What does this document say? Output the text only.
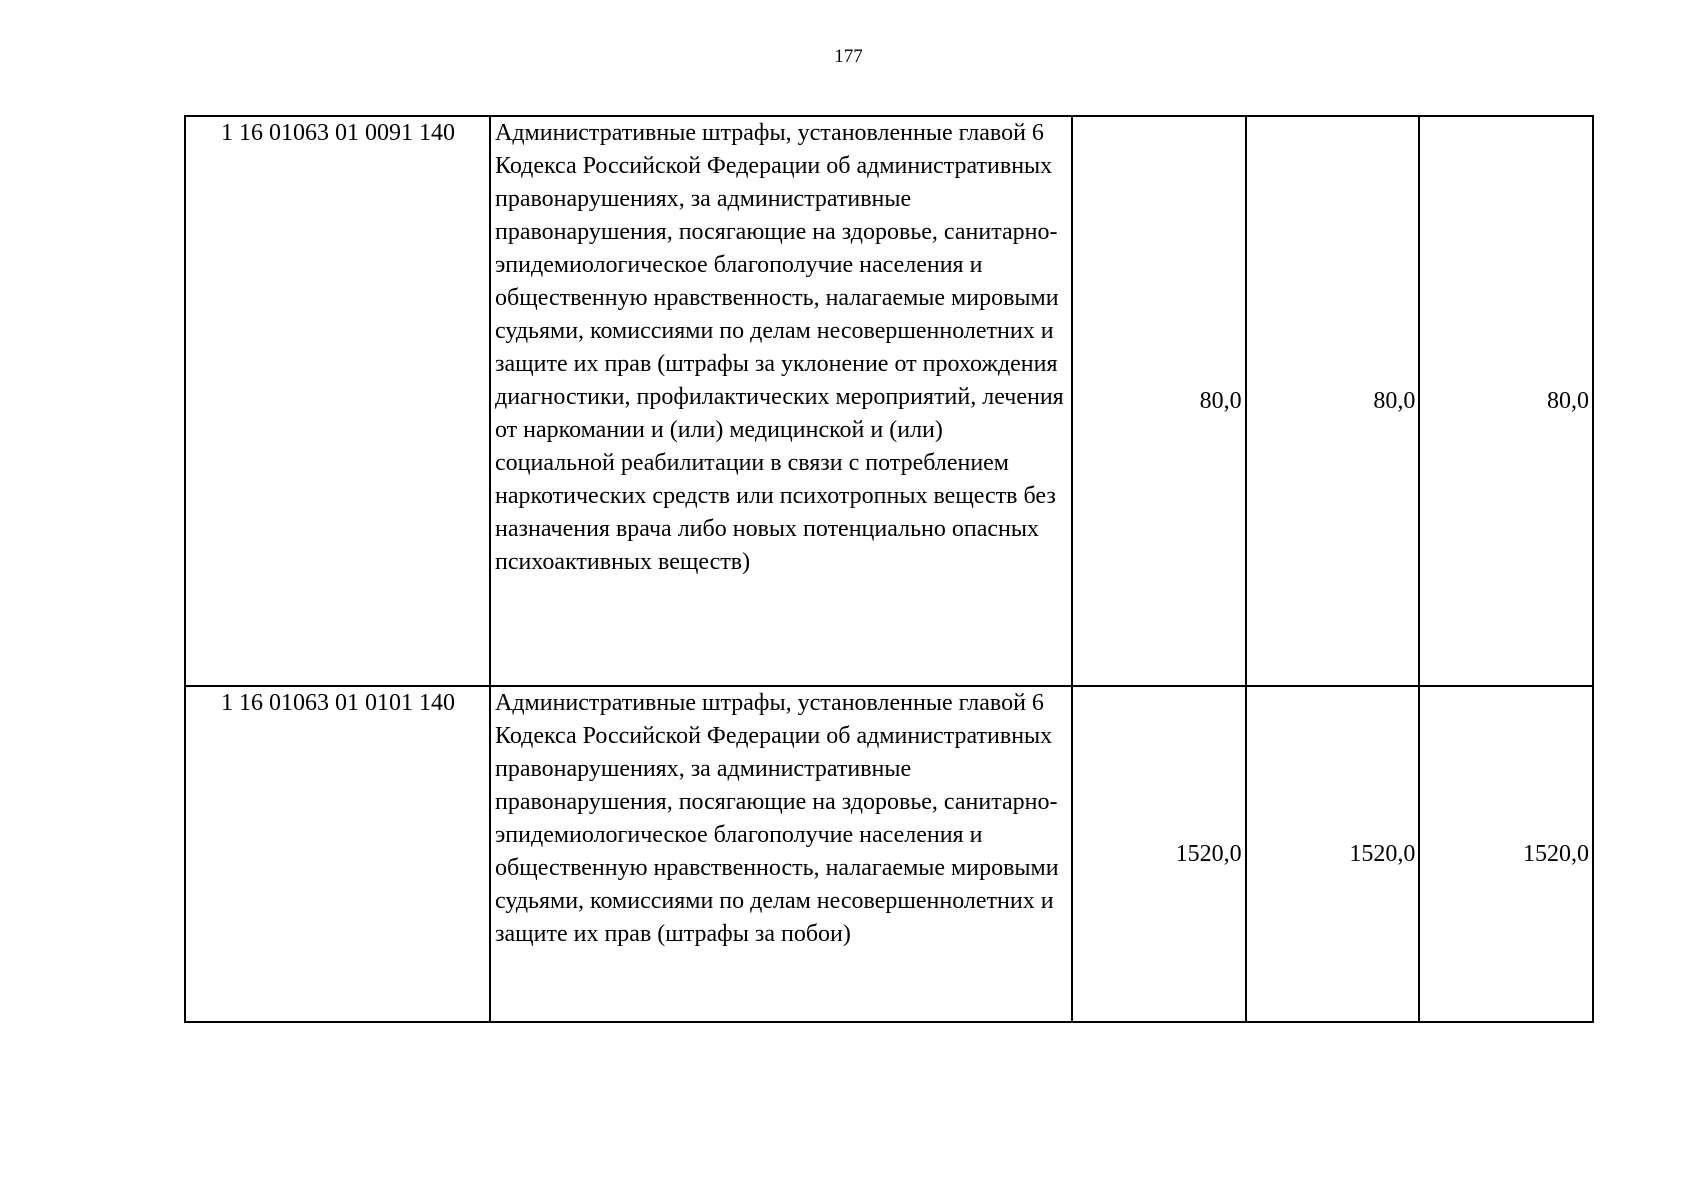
177
1 16 01063 01 0091 140	Административные штрафы, установленные главой 6 Кодекса Российской Федерации об административных правонарушениях, за административные правонарушения, посягающие на здоровье, санитарно-эпидемиологическое благополучие населения и общественную нравственность, налагаемые мировыми судьями, комиссиями по делам несовершеннолетних и защите их прав (штрафы за уклонение от прохождения диагностики, профилактических мероприятий, лечения от наркомании и (или) медицинской и (или) социальной реабилитации в связи с потреблением наркотических средств или психотропных веществ без назначения врача либо новых потенциально опасных психоактивных веществ)	80,0	80,0	80,0
1 16 01063 01 0101 140	Административные штрафы, установленные главой 6 Кодекса Российской Федерации об административных правонарушениях, за административные правонарушения, посягающие на здоровье, санитарно-эпидемиологическое благополучие населения и общественную нравственность, налагаемые мировыми судьями, комиссиями по делам несовершеннолетних и защите их прав (штрафы за побои)	1520,0	1520,0	1520,0
